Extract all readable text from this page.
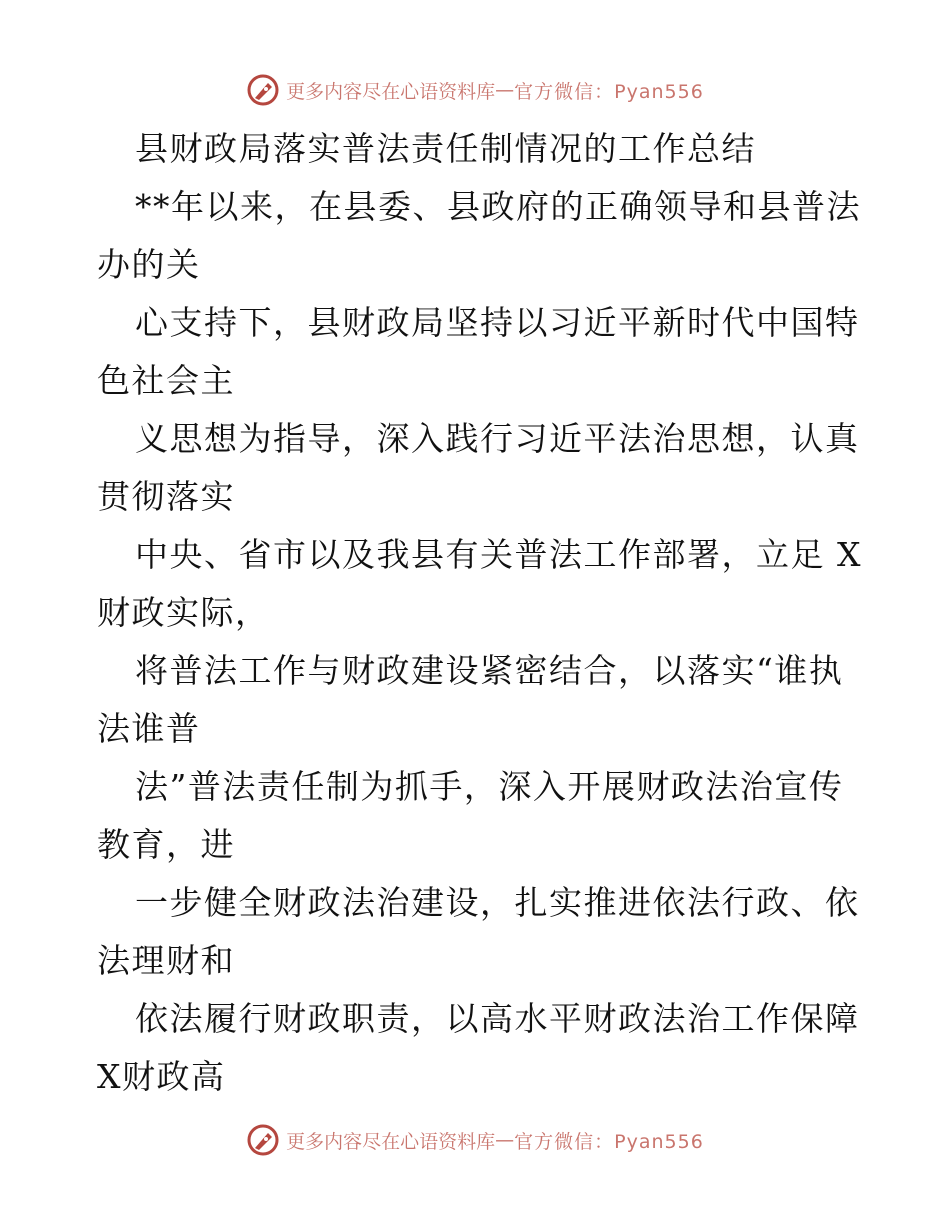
更多内容尽在心语资料库 — 官方微信：Pyan556
县财政局落实普法责任制情况的工作总结
**年以来，在县委、县政府的正确领导和县普法
办的关
心支持下，县财政局坚持以习近平新时代中国特
色社会主
义思想为指导，深入践行习近平法治思想，认真
贯彻落实
中央、省市以及我县有关普法工作部署，立足 X
财政实际，
将普法工作与财政建设紧密结合，以落实“谁执
法谁普
法”普法责任制为抓手，深入开展财政法治宣传
教育，进
一步健全财政法治建设，扎实推进依法行政、依
法理财和
依法履行财政职责，以高水平财政法治工作保障
X财政高
更多内容尽在心语资料库 — 官方微信：Pyan556
